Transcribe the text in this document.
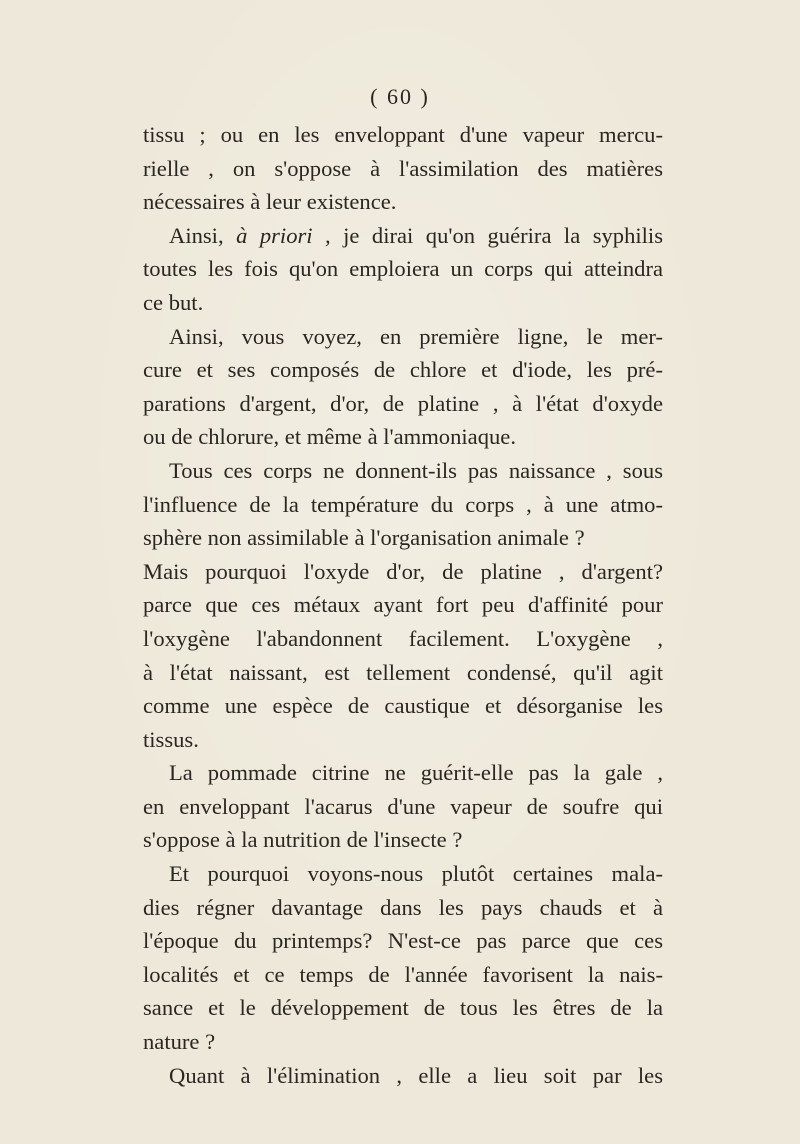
( 60 )
tissu ; ou en les enveloppant d'une vapeur mercu-
rielle , on s'oppose à l'assimilation des matières
nécessaires à leur existence.
Ainsi, à priori , je dirai qu'on guérira la syphilis
toutes les fois qu'on emploiera un corps qui atteindra
ce but.
Ainsi, vous voyez, en première ligne, le mer-
cure et ses composés de chlore et d'iode, les pré-
parations d'argent, d'or, de platine , à l'état d'oxyde
ou de chlorure, et même à l'ammoniaque.
Tous ces corps ne donnent-ils pas naissance , sous
l'influence de la température du corps , à une atmo-
sphère non assimilable à l'organisation animale ?
Mais pourquoi l'oxyde d'or, de platine , d'argent?
parce que ces métaux ayant fort peu d'affinité pour
l'oxygène l'abandonnent facilement. L'oxygène ,
à l'état naissant, est tellement condensé, qu'il agit
comme une espèce de caustique et désorganise les
tissus.
La pommade citrine ne guérit-elle pas la gale ,
en enveloppant l'acarus d'une vapeur de soufre qui
s'oppose à la nutrition de l'insecte ?
Et pourquoi voyons-nous plutôt certaines mala-
dies régner davantage dans les pays chauds et à
l'époque du printemps? N'est-ce pas parce que ces
localités et ce temps de l'année favorisent la nais-
sance et le développement de tous les êtres de la
nature ?
Quant à l'élimination , elle a lieu soit par les
